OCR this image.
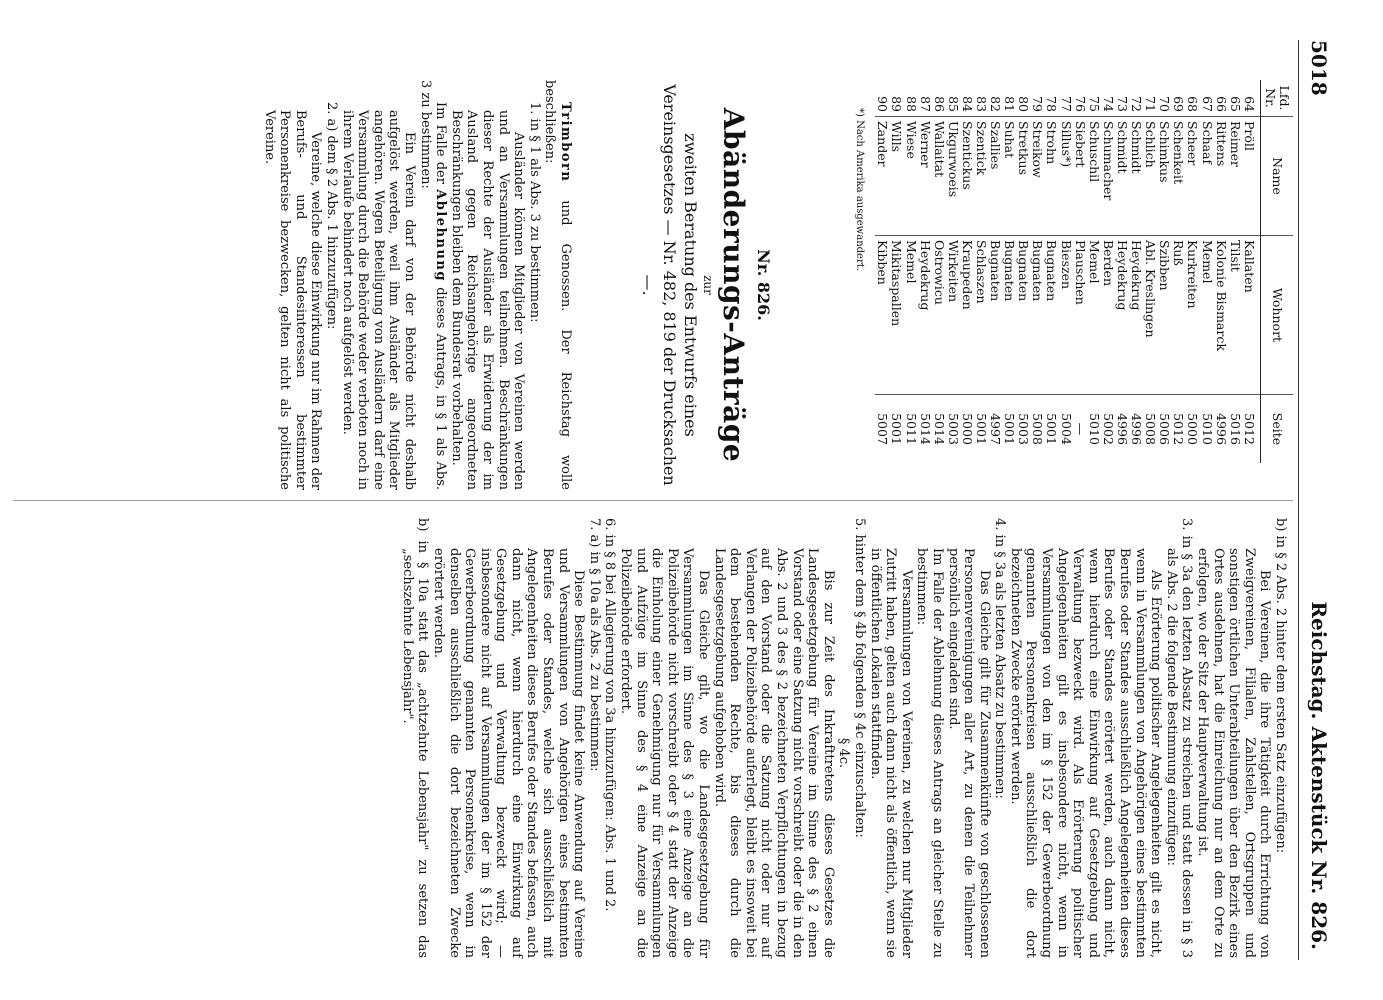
5018
Reichstag. Aktenstück Nr. 826.
Lfd. Nr.	Name	Wohnort	Seite
64	Pröll	Kallaten	5012
65	Reimer	Tilsit	5016
66	Rittens	Kolonie Bismarck	4996
67	Schaaf	Memel	5010
68	Scheer	Kurkreiten	5000
69	Schenkeit	Ruß	5012
70	Schimkus	Szibben	5006
71	Schlich	Abl. Kreslingen	5008
72	Schmidt	Heydekrug	4996
73	Schmidt	Heydekrug	4996
74	Schumacher	Berden	5002
75	Schuschil	Memel	5010
76	Siebert	Plauschen	—
77	Sillus*)	Bieszen	5004
78	Strohn	Bugnaten	5001
79	Streikow	Bugnaten	5008
80	Stretkus	Bugnaten	5003
81	Suhat	Bugnaten	5001
82	Szallies	Bugnaten	4997
83	Szentick	Schlaszen	5001
84	Szentickus	Kraupeden	5000
85	Ukgurwoeis	Wirkeiten	5003
86	Wallaitat	Ostrowicu	5014
87	Werner	Heydekrug	5014
88	Wiese	Memel	5011
89	Wills	Mikitaspallen	5001
90	Zander	Kibben	5007
*) Nach Amerika ausgewandert.
Nr. 826.
Abänderungs-Anträge
zur
zweiten Beratung des Entwurfs eines Vereinsgesetzes — Nr. 482, 819 der Drucksachen —.

Trimborn und Genossen. Der Reichstag wolle beschließen:

1. in § 1 als Abs. 3 zu bestimmen:

Ausländer können Mitglieder von Vereinen werden und an Versammlungen teilnehmen. Beschränkungen dieser Rechte der Ausländer als Erwiderung der im Ausland gegen Reichsangehörige angeordneten Beschränkungen bleiben dem Bundesrat vorbehalten.

Im Falle der Ablehnung dieses Antrags, in § 1 als Abs. 3 zu bestimmen:

Ein Verein darf von der Behörde nicht deshalb aufgelöst werden, weil ihm Ausländer als Mitglieder angehören. Wegen Beteiligung von Ausländern darf eine Versammlung durch die Behörde weder verboten noch in ihrem Verlaufe behindert noch aufgelöst werden.

2. a) dem § 2 Abs. 1 hinzuzufügen:

Vereine, welche diese Einwirkung nur im Rahmen der Berufs- und Standesinteressen bestimmter Personenkreise bezwecken, gelten nicht als politische Vereine.

b) in § 2 Abs. 2 hinter dem ersten Satz einzufügen:

Bei Vereinen, die ihre Tätigkeit durch Errichtung von Zweigvereinen, Filialen, Zahlstellen, Ortsgruppen und sonstigen örtlichen Unterabteilungen über den Bezirk eines Ortes ausdehnen, hat die Einreichung nur an dem Orte zu erfolgen, wo der Sitz der Hauptverwaltung ist.

3. in § 3a den letzten Absatz zu streichen und statt dessen in § 3 als Abs. 2 die folgende Bestimmung einzufügen:

Als Erörterung politischer Angelegenheiten gilt es nicht, wenn in Versammlungen von Angehörigen eines bestimmten Berufes oder Standes ausschließlich Angelegenheiten dieses Berufes oder Standes erörtert werden, auch dann nicht, wenn hierdurch eine Einwirkung auf Gesetzgebung und Verwaltung bezweckt wird. Als Erörterung politischer Angelegenheiten gilt es insbesondere nicht, wenn in Versammlungen von den im § 152 der Gewerbeordnung genannten Personenkreisen ausschließlich die dort bezeichneten Zwecke erörtert werden.

4. in § 3a als letzten Absatz zu bestimmen:

Das Gleiche gilt für Zusammenkünfte von geschlossenen Personenvereinigungen aller Art, zu denen die Teilnehmer persönlich eingeladen sind.

Im Falle der Ablehnung dieses Antrags an gleicher Stelle zu bestimmen:

Versammlungen von Vereinen, zu welchen nur Mitglieder Zutritt haben, gelten auch dann nicht als öffentlich, wenn sie in öffentlichen Lokalen stattfinden.

5. hinter dem § 4b folgenden § 4c einzuschalten:

§ 4c.

Bis zur Zeit des Inkrafttretens dieses Gesetzes die Landesgesetzgebung für Vereine im Sinne des § 2 einen Vorstand oder eine Satzung nicht vorschreibt oder die in den Abs. 2 und 3 des § 2 bezeichneten Verpflichtungen in bezug auf den Vorstand oder die Satzung nicht oder nur auf Verlangen der Polizeibehörde auferlegt, bleibt es insoweit bei dem bestehenden Rechte, bis dieses durch die Landesgesetzgebung aufgehoben wird.

Das Gleiche gilt, wo die Landesgesetzgebung für Versammlungen im Sinne des § 3 eine Anzeige an die Polizeibehörde nicht vorschreibt oder § 4 statt der Anzeige die Einholung einer Genehmigung nur für Versammlungen und Aufzüge im Sinne des § 4 eine Anzeige an die Polizeibehörde erfordert.

6. in § 8 bei Allegierung von 3a hinzuzufügen: Abs. 1 und 2.

7. a) in § 10a als Abs. 2 zu bestimmen:

Diese Bestimmung findet keine Anwendung auf Vereine und Versammlungen von Angehörigen eines bestimmten Berufes oder Standes, welche sich ausschließlich mit Angelegenheiten dieses Berufes oder Standes befassen, auch dann nicht, wenn hierdurch eine Einwirkung auf Gesetzgebung und Verwaltung bezweckt wird; — insbesondere nicht auf Versammlungen der im § 152 der Gewerbeordnung genannten Personenkreise, wenn in denselben ausschließlich die dort bezeichneten Zwecke erörtert werden.

b) in § 10a statt das „achtzehnte Lebensjahr" zu setzen das „sechszehnte Lebensjahr".
